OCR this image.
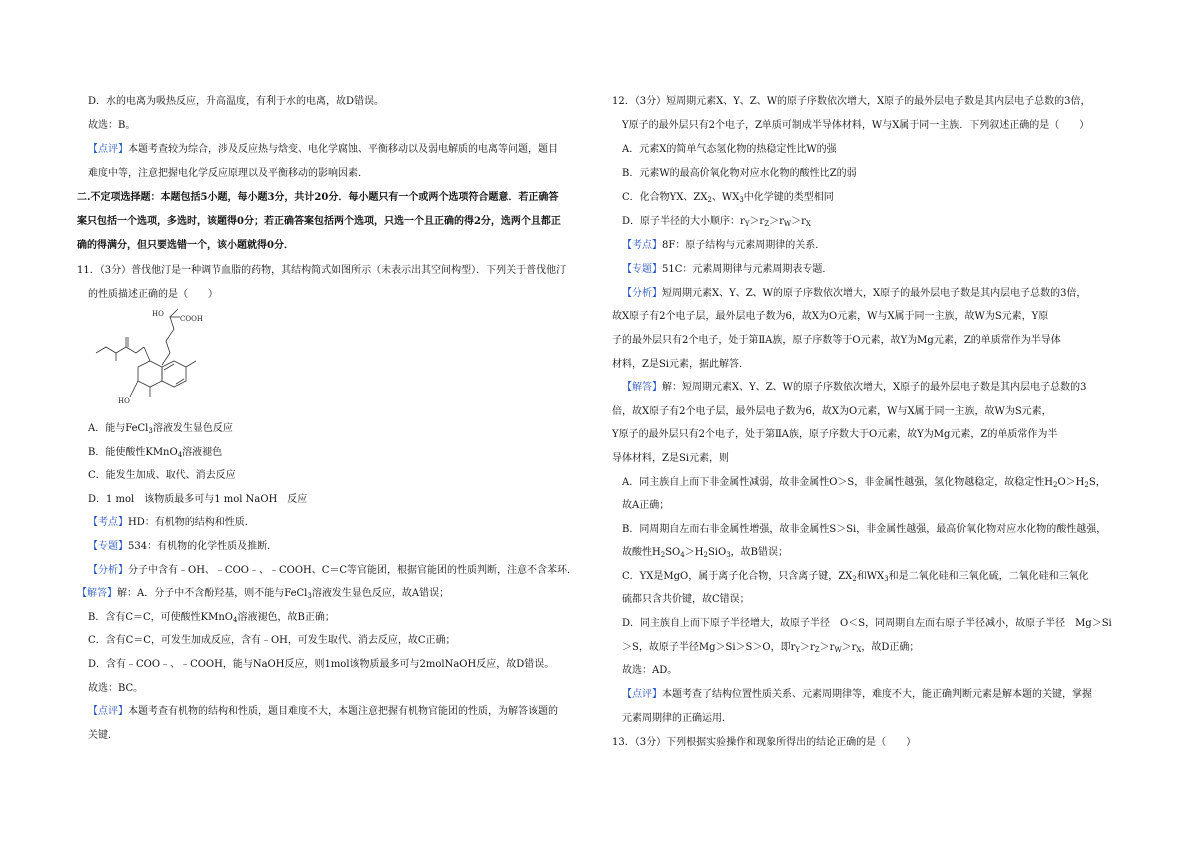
D．水的电离为吸热反应，升高温度，有利于水的电离，故D错误。
故选：B。
【点评】本题考查较为综合，涉及反应热与焓变、电化学腐蚀、平衡移动以及弱电解质的电离等问题，题目
难度中等，注意把握电化学反应原理以及平衡移动的影响因素．
二.不定项选择题：本题包括5小题，每小题3分，共计20分．每小题只有一个或两个选项符合题意．若正确答
案只包括一个选项，多选时，该题得0分；若正确答案包括两个选项，只选一个且正确的得2分，选两个且都正
确的得满分，但只要选错一个，该小题就得0分．
11．（3分）普伐他汀是一种调节血脂的药物，其结构简式如图所示（未表示出其空间构型）．下列关于普伐他汀
的性质描述正确的是（　　）
HO
COOH
HO
A．能与FeCl$_3$溶液发生显色反应
B．能使酸性KMnO$_4$溶液褪色
C．能发生加成、取代、消去反应
D．1 mol　该物质最多可与1 mol NaOH　反应
【考点】HD：有机物的结构和性质．
【专题】534：有机物的化学性质及推断．
【分析】分子中含有﹣OH、﹣COO﹣、﹣COOH、C＝C等官能团，根据官能团的性质判断，注意不含苯环．
【解答】解：A．分子中不含酚羟基，则不能与FeCl$_3$溶液发生显色反应，故A错误；
B．含有C＝C，可使酸性KMnO$_4$溶液褪色，故B正确；
C．含有C＝C，可发生加成反应，含有﹣OH，可发生取代、消去反应，故C正确；
D．含有﹣COO﹣、﹣COOH，能与NaOH反应，则1mol该物质最多可与2molNaOH反应，故D错误。
故选：BC。
【点评】本题考查有机物的结构和性质，题目难度不大，本题注意把握有机物官能团的性质，为解答该题的
关键．
12．（3分）短周期元素X、Y、Z、W的原子序数依次增大，X原子的最外层电子数是其内层电子总数的3倍，
Y原子的最外层只有2个电子，Z单质可制成半导体材料，W与X属于同一主族．下列叙述正确的是（　　）
A．元素X的简单气态氢化物的热稳定性比W的强
B．元素W的最高价氧化物对应水化物的酸性比Z的弱
C．化合物YX、$ZX_2$、$WX_3$中化学键的类型相同
D．原子半径的大小顺序：$r_Y>r_Z>r_W>r_X$
【考点】8F：原子结构与元素周期律的关系．
【专题】51C：元素周期律与元素周期表专题．
【分析】短周期元素X、Y、Z、W的原子序数依次增大，X原子的最外层电子数是其内层电子总数的3倍，
故X原子有2个电子层，最外层电子数为6，故X为O元素，W与X属于同一主族，故W为S元素，Y原
子的最外层只有2个电子，处于第ⅡA族，原子序数等于O元素，故Y为Mg元素，Z的单质常作为半导体
材料，Z是Si元素，据此解答．
【解答】解：短周期元素X、Y、Z、W的原子序数依次增大，X原子的最外层电子数是其内层电子总数的3
倍，故X原子有2个电子层，最外层电子数为6，故X为O元素，W与X属于同一主族，故W为S元素，
Y原子的最外层只有2个电子，处于第ⅡA族，原子序数大于O元素，故Y为Mg元素，Z的单质常作为半
导体材料，Z是Si元素，则
A．同主族自上而下非金属性减弱，故非金属性O＞S，非金属性越强，氢化物越稳定，故稳定性$H_2O>H_2S$，
故A正确；
B．同周期自左而右非金属性增强，故非金属性S＞Si，非金属性越强，最高价氧化物对应水化物的酸性越强，
故酸性$H_2SO_4>H_2SiO_3$，故B错误；
C．YX是MgO，属于离子化合物，只含离子键，$ZX_2$和$WX_3$和是二氧化硅和三氧化硫，二氧化硅和三氧化
硫都只含共价键，故C错误；
D．同主族自上而下原子半径增大，故原子半径　O＜S，同周期自左而右原子半径减小，故原子半径　Mg＞Si
＞S，故原子半径Mg＞Si＞S＞O，即$r_Y>r_Z>r_W>r_X$，故D正确；
故选：AD。
【点评】本题考查了结构位置性质关系、元素周期律等，难度不大，能正确判断元素是解本题的关键，掌握
元素周期律的正确运用．
13．（3分）下列根据实验操作和现象所得出的结论正确的是（　　）
